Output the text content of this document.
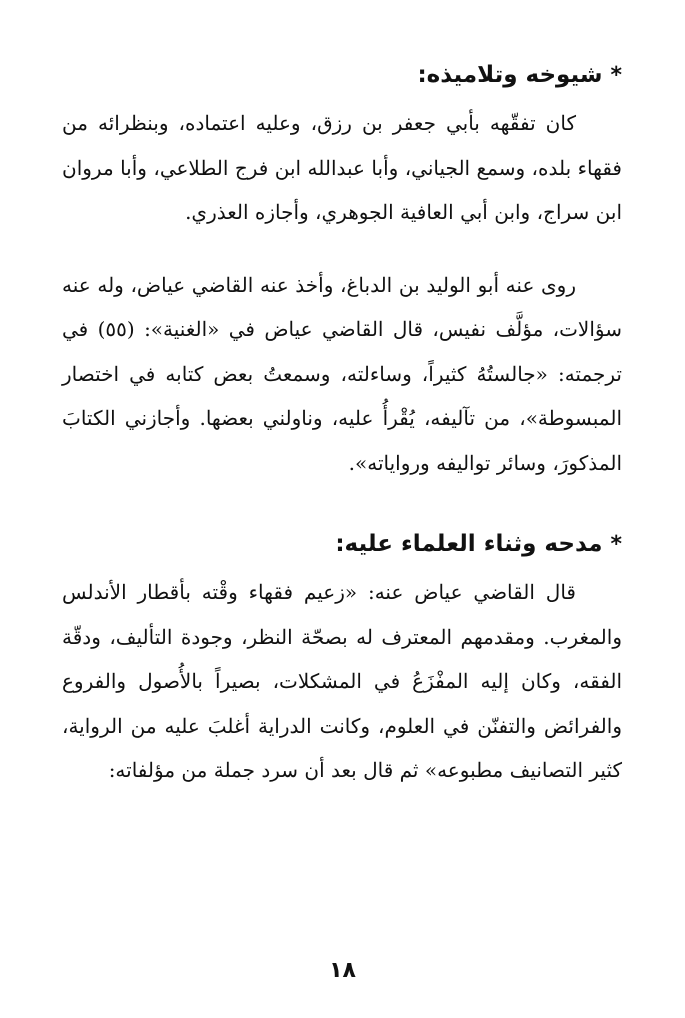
*شيوخه وتلاميذه:

كان تفقّهه بأبي جعفر بن رزق، وعليه اعتماده، وبنظرائه من فقهاء بلده، وسمع الجياني، وأبا عبدالله ابن فرج الطلاعي، وأبا مروان ابن سراج، وابن أبي العافية الجوهري، وأجازه العذري.

روى عنه أبو الوليد بن الدباغ، وأخذ عنه القاضي عياض، وله عنه سؤالات، مؤلَّف نفيس، قال القاضي عياض في «الغنية»: (٥٥) في ترجمته: «جالستُهُ كثيراً، وساءلته، وسمعتُ بعض كتابه في اختصار المبسوطة»، من تآليفه، يُقْرأُ عليه، وناولني بعضها. وأجازني الكتابَ المذكورَ، وسائر تواليفه ورواياته».

*مدحه وثناء العلماء عليه:

قال القاضي عياض عنه: «زعيم فقهاء وقْته بأقطار الأندلس والمغرب. ومقدمهم المعترف له بصحّة النظر، وجودة التأليف، ودقّة الفقه، وكان إليه المفْزَعُ في المشكلات، بصيراً بالأُصول والفروع والفرائض والتفنّن في العلوم، وكانت الدراية أغلبَ عليه من الرواية، كثير التصانيف مطبوعه» ثم قال بعد أن سرد جملة من مؤلفاته:

١٨
